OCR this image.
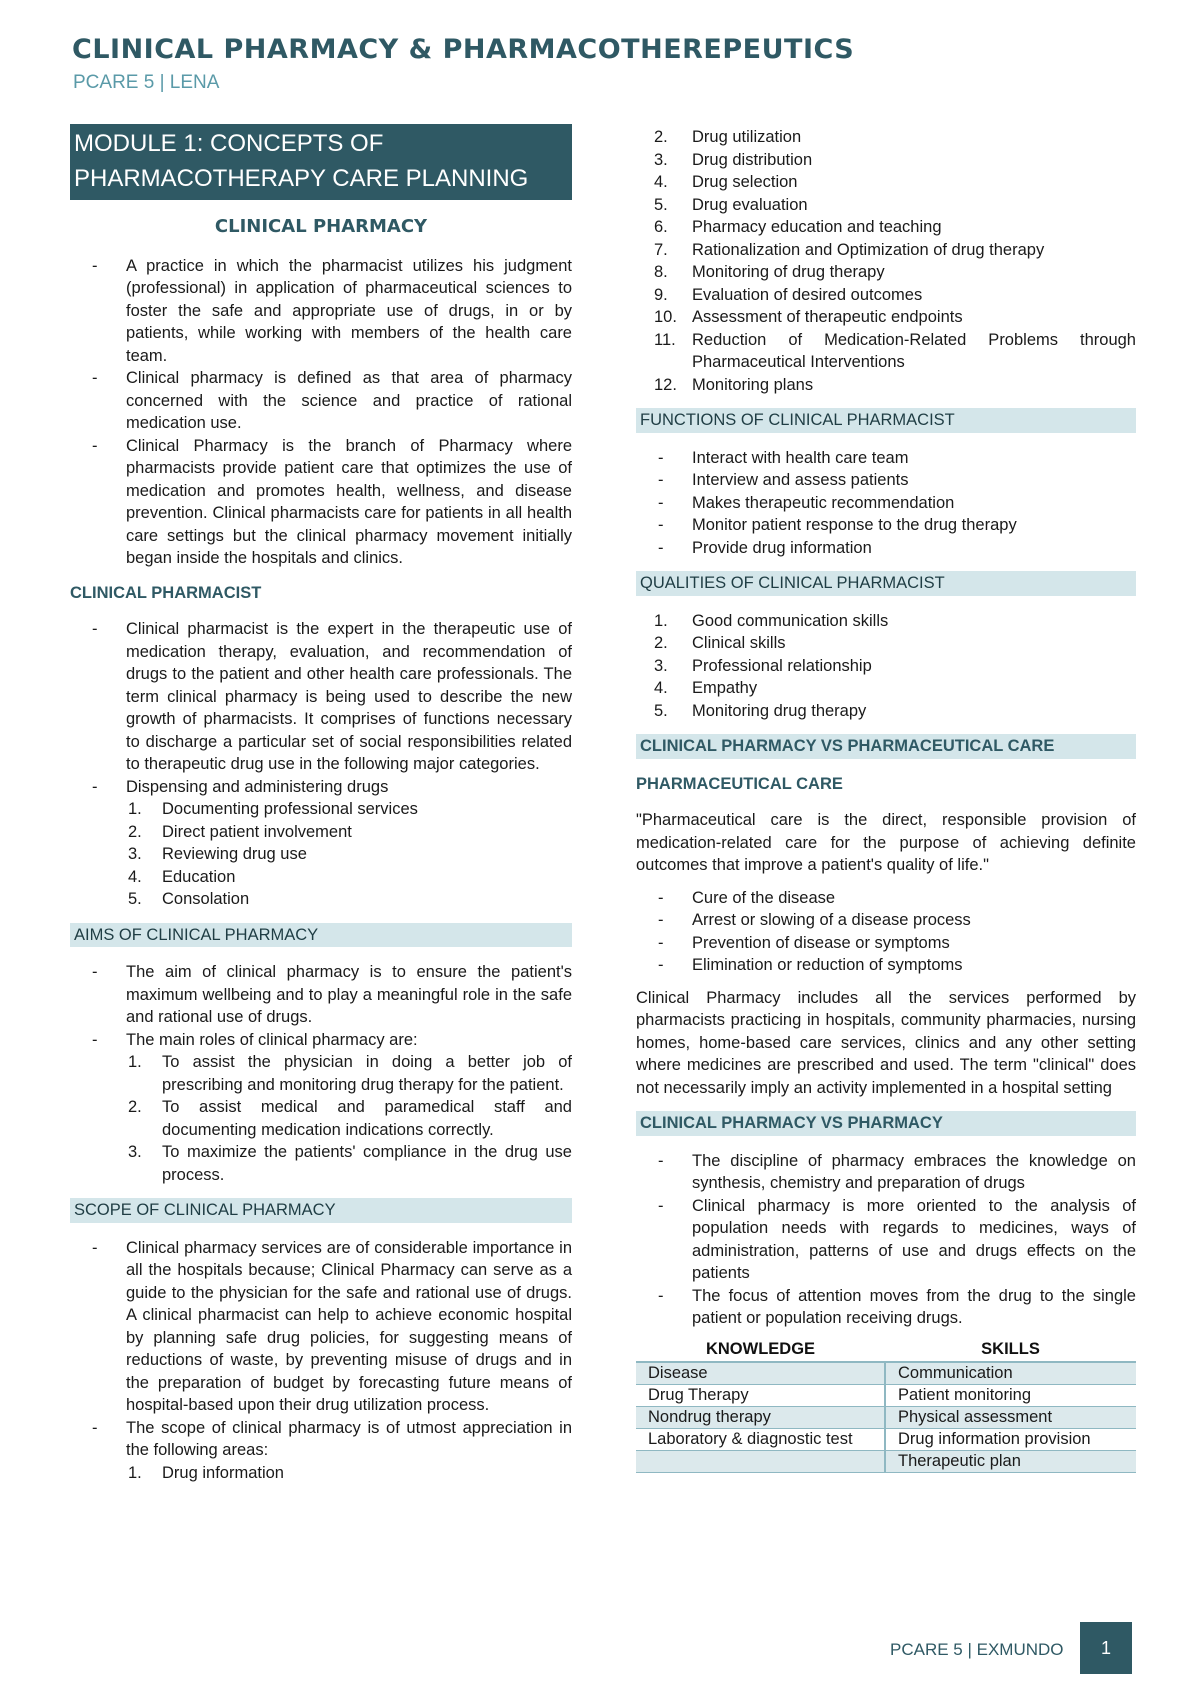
CLINICAL PHARMACY & PHARMACOTHEREPEUTICS
PCARE 5 | LENA
MODULE 1: CONCEPTS OF PHARMACOTHERAPY CARE PLANNING
CLINICAL PHARMACY
- A practice in which the pharmacist utilizes his judgment (professional) in application of pharmaceutical sciences to foster the safe and appropriate use of drugs, in or by patients, while working with members of the health care team.
- Clinical pharmacy is defined as that area of pharmacy concerned with the science and practice of rational medication use.
- Clinical Pharmacy is the branch of Pharmacy where pharmacists provide patient care that optimizes the use of medication and promotes health, wellness, and disease prevention. Clinical pharmacists care for patients in all health care settings but the clinical pharmacy movement initially began inside the hospitals and clinics.
CLINICAL PHARMACIST
- Clinical pharmacist is the expert in the therapeutic use of medication therapy, evaluation, and recommendation of drugs to the patient and other health care professionals. The term clinical pharmacy is being used to describe the new growth of pharmacists. It comprises of functions necessary to discharge a particular set of social responsibilities related to therapeutic drug use in the following major categories.
- Dispensing and administering drugs
1. Documenting professional services
2. Direct patient involvement
3. Reviewing drug use
4. Education
5. Consolation
AIMS OF CLINICAL PHARMACY
- The aim of clinical pharmacy is to ensure the patient's maximum wellbeing and to play a meaningful role in the safe and rational use of drugs.
- The main roles of clinical pharmacy are:
1. To assist the physician in doing a better job of prescribing and monitoring drug therapy for the patient.
2. To assist medical and paramedical staff and documenting medication indications correctly.
3. To maximize the patients' compliance in the drug use process.
SCOPE OF CLINICAL PHARMACY
- Clinical pharmacy services are of considerable importance in all the hospitals because; Clinical Pharmacy can serve as a guide to the physician for the safe and rational use of drugs. A clinical pharmacist can help to achieve economic hospital by planning safe drug policies, for suggesting means of reductions of waste, by preventing misuse of drugs and in the preparation of budget by forecasting future means of hospital-based upon their drug utilization process.
- The scope of clinical pharmacy is of utmost appreciation in the following areas:
1. Drug information
2. Drug utilization
3. Drug distribution
4. Drug selection
5. Drug evaluation
6. Pharmacy education and teaching
7. Rationalization and Optimization of drug therapy
8. Monitoring of drug therapy
9. Evaluation of desired outcomes
10. Assessment of therapeutic endpoints
11. Reduction of Medication-Related Problems through Pharmaceutical Interventions
12. Monitoring plans
FUNCTIONS OF CLINICAL PHARMACIST
- Interact with health care team
- Interview and assess patients
- Makes therapeutic recommendation
- Monitor patient response to the drug therapy
- Provide drug information
QUALITIES OF CLINICAL PHARMACIST
1. Good communication skills
2. Clinical skills
3. Professional relationship
4. Empathy
5. Monitoring drug therapy
CLINICAL PHARMACY VS PHARMACEUTICAL CARE
PHARMACEUTICAL CARE

"Pharmaceutical care is the direct, responsible provision of medication-related care for the purpose of achieving definite outcomes that improve a patient's quality of life."

- Cure of the disease
- Arrest or slowing of a disease process
- Prevention of disease or symptoms
- Elimination or reduction of symptoms

Clinical Pharmacy includes all the services performed by pharmacists practicing in hospitals, community pharmacies, nursing homes, home-based care services, clinics and any other setting where medicines are prescribed and used. The term "clinical" does not necessarily imply an activity implemented in a hospital setting

CLINICAL PHARMACY VS PHARMACY
- The discipline of pharmacy embraces the knowledge on synthesis, chemistry and preparation of drugs
- Clinical pharmacy is more oriented to the analysis of population needs with regards to medicines, ways of administration, patterns of use and drugs effects on the patients
- The focus of attention moves from the drug to the single patient or population receiving drugs.
KNOWLEDGE	SKILLS
Disease	Communication
Drug Therapy	Patient monitoring
Nondrug therapy	Physical assessment
Laboratory & diagnostic test	Drug information provision
	Therapeutic plan
PCARE 5 | EXMUNDO	1
